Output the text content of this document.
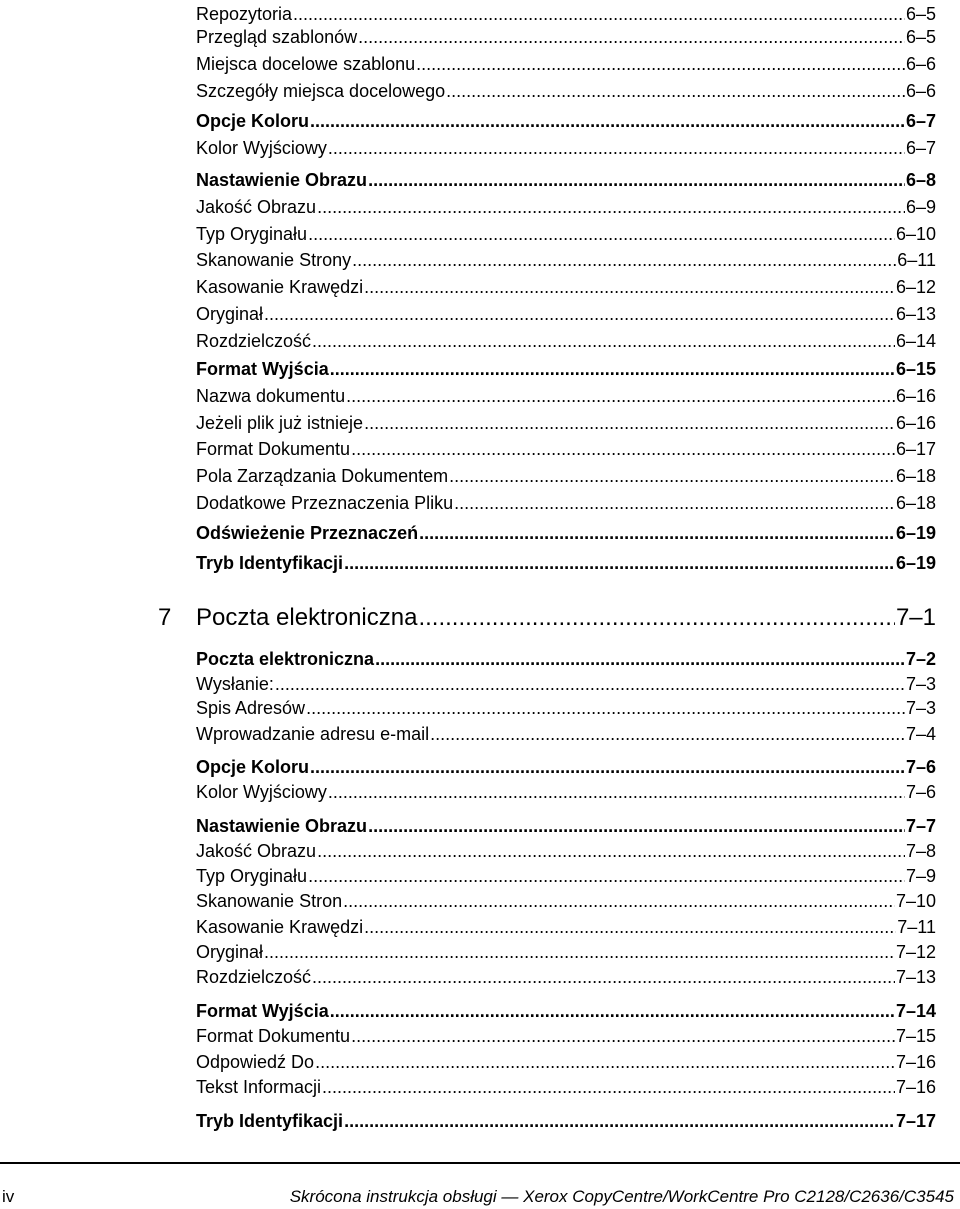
Repozytoria .....	6–5
Przegląd szablonów .....	6–5
Miejsca docelowe szablonu .....	6–6
Szczegóły miejsca docelowego .....	6–6
Opcje Koloru .....	6–7
Kolor Wyjściowy .....	6–7
Nastawienie Obrazu .....	6–8
Jakość Obrazu .....	6–9
Typ Oryginału .....	6–10
Skanowanie Strony .....	6–11
Kasowanie Krawędzi .....	6–12
Oryginał .....	6–13
Rozdzielczość .....	6–14
Format Wyjścia .....	6–15
Nazwa dokumentu .....	6–16
Jeżeli plik już istnieje .....	6–16
Format Dokumentu .....	6–17
Pola Zarządzania Dokumentem .....	6–18
Dodatkowe Przeznaczenia Pliku .....	6–18
Odświeżenie Przeznaczeń .....	6–19
Tryb Identyfikacji .....	6–19
7	Poczta elektroniczna .....	7–1
Poczta elektroniczna .....	7–2
Wysłanie: .....	7–3
Spis Adresów .....	7–3
Wprowadzanie adresu e-mail .....	7–4
Opcje Koloru .....	7–6
Kolor Wyjściowy .....	7–6
Nastawienie Obrazu .....	7–7
Jakość Obrazu .....	7–8
Typ Oryginału .....	7–9
Skanowanie Stron .....	7–10
Kasowanie Krawędzi .....	7–11
Oryginał .....	7–12
Rozdzielczość .....	7–13
Format Wyjścia .....	7–14
Format Dokumentu .....	7–15
Odpowiedź Do .....	7–16
Tekst Informacji .....	7–16
Tryb Identyfikacji .....	7–17
iv	Skrócona instrukcja obsługi — Xerox CopyCentre/WorkCentre Pro C2128/C2636/C3545
